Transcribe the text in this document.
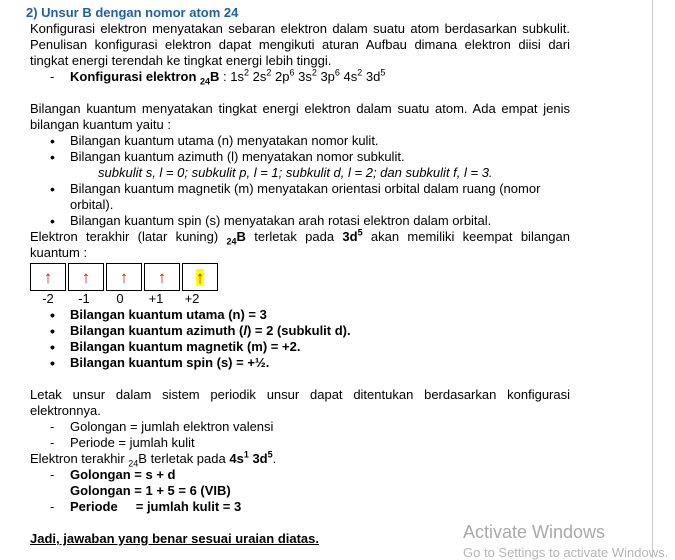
2) Unsur B dengan nomor atom 24
Konfigurasi elektron menyatakan sebaran elektron dalam suatu atom berdasarkan subkulit. Penulisan konfigurasi elektron dapat mengikuti aturan Aufbau dimana elektron diisi dari tingkat energi terendah ke tingkat energi lebih tinggi.
-	Konfigurasi elektron $_{24}$B : $1s^2$ $2s^2$ $2p^6$ $3s^2$ $3p^6$ $4s^2$ $3d^5$
Bilangan kuantum menyatakan tingkat energi elektron dalam suatu atom. Ada empat jenis bilangan kuantum yaitu :
•	Bilangan kuantum utama (n) menyatakan nomor kulit.
•	Bilangan kuantum azimuth (l) menyatakan nomor subkulit.
subkulit s, l = 0; subkulit p, l = 1; subkulit d, l = 2; dan subkulit f, l = 3.
•	Bilangan kuantum magnetik (m) menyatakan orientasi orbital dalam ruang (nomor orbital).
•	Bilangan kuantum spin (s) menyatakan arah rotasi elektron dalam orbital.
Elektron terakhir (latar kuning) $_{24}$B terletak pada $3d^5$ akan memiliki keempat bilangan kuantum :
↑ ↑ ↑ ↑ ↑
-2	-1	0	+1	+2
•	Bilangan kuantum utama (n) = 3
•	Bilangan kuantum azimuth (l) = 2 (subkulit d).
•	Bilangan kuantum magnetik (m) = +2.
•	Bilangan kuantum spin (s) = +½.
Letak unsur dalam sistem periodik unsur dapat ditentukan berdasarkan konfigurasi elektronnya.
-	Golongan = jumlah elektron valensi
-	Periode = jumlah kulit
Elektron terakhir $_{24}$B terletak pada $4s^1$ $3d^5$.
-	Golongan = s + d
Golongan = 1 + 5 = 6 (VIB)
-	Periode     = jumlah kulit = 3
Jadi, jawaban yang benar sesuai uraian diatas.	Activate Windows
Go to Settings to activate Windows.
